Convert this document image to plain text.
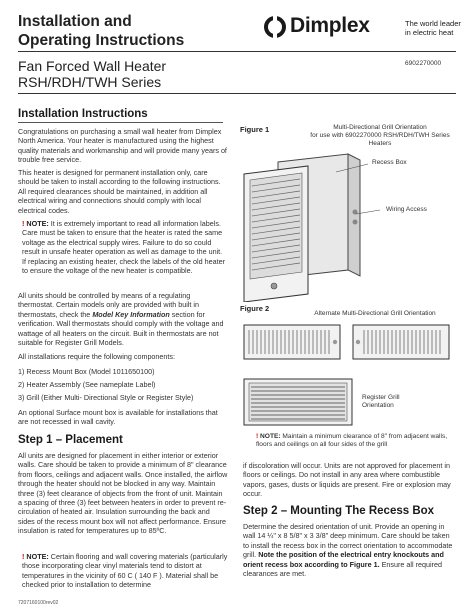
Installation and
Operating Instructions
Dimplex	The world leader
in electric heat
Fan Forced Wall Heater
RSH/RDH/TWH Series
6902270000
Installation Instructions
Congratulations on purchasing a small wall heater from Dimplex North America. Your heater is manufactured using the highest quality materials and workmanship and will provide many years of trouble free service.
This heater is designed for permanent installation only, care should be taken to install according to the following instructions. All required clearances should be maintained, in addition all electrical wiring and connections should comply with local electrical codes.
! NOTE: It is extremely important to read all information labels. Care must be taken to ensure that the heater is rated the same voltage as the electrical supply wires. Failure to do so could result in unsafe heater operation as well as damage to the unit. If replacing an existing heater, check the labels of the old heater to ensure the voltage of the new heater is compatible.
All units should be controlled by means of a regulating thermostat. Certain models only are provided with built in thermostats, check the Model Key Information section for verification. Wall thermostats should comply with the voltage and wattage of all heaters on the circuit. Built in thermostats are not suitable for Register Grill Models.
All installations require the following components:
1) Recess Mount Box (Model 1011650100)
2) Heater Assembly (See nameplate Label)
3) Grill (Either Multi- Directional Style or Register Style)
An optional Surface mount box is available for installations that are not recessed in wall cavity.
Step 1 – Placement
All units are designed for placement in either interior or exterior walls. Care should be taken to provide a minimum of 8" clearance from floors, ceilings and adjacent walls. Once installed, the airflow through the heater should not be blocked in any way. Maintain three (3) feet clearance of objects from the front of unit. Maintain a spacing of three (3) feet between heaters in order to prevent re-circulation of heated air. Insulation surrounding the back and sides of the recess mount box will not affect performance. Ensure insulation is rated for temperatures up to 85ºC.
! NOTE: Certain flooring and wall covering materials (particularly those incorporating clear vinyl materials tend to distort at temperatures in the vicinity of 60 C ( 140 F ). Material shall be checked prior to installation to determine
7207160100rev02
Figure 1	Multi-Directional Grill Orientation
for use with 6902270000 RSH/RDH/TWH Series
Heaters
Recess Box
Wiring Access
Figure 2
Alternate Multi-Directional Grill Orientation
Register Grill
Orientation
! NOTE: Maintain a minimum clearance of 8" from adjacent walls, floors and ceilings on all four sides of the grill
if discoloration will occur. Units are not approved for placement in floors or ceilings. Do not install in any area where combustible vapors, gases, dusts or liquids are present. Fire or explosion may occur.
Step 2 – Mounting The Recess Box
Determine the desired orientation of unit. Provide an opening in wall 14 ¼" x 8 5/8" x 3 3/8" deep minimum. Care should be taken to install the recess box in the correct orientation to accommodate grill. Note the position of the electrical entry knockouts and orient recess box according to Figure 1. Ensure all required clearances are met.
